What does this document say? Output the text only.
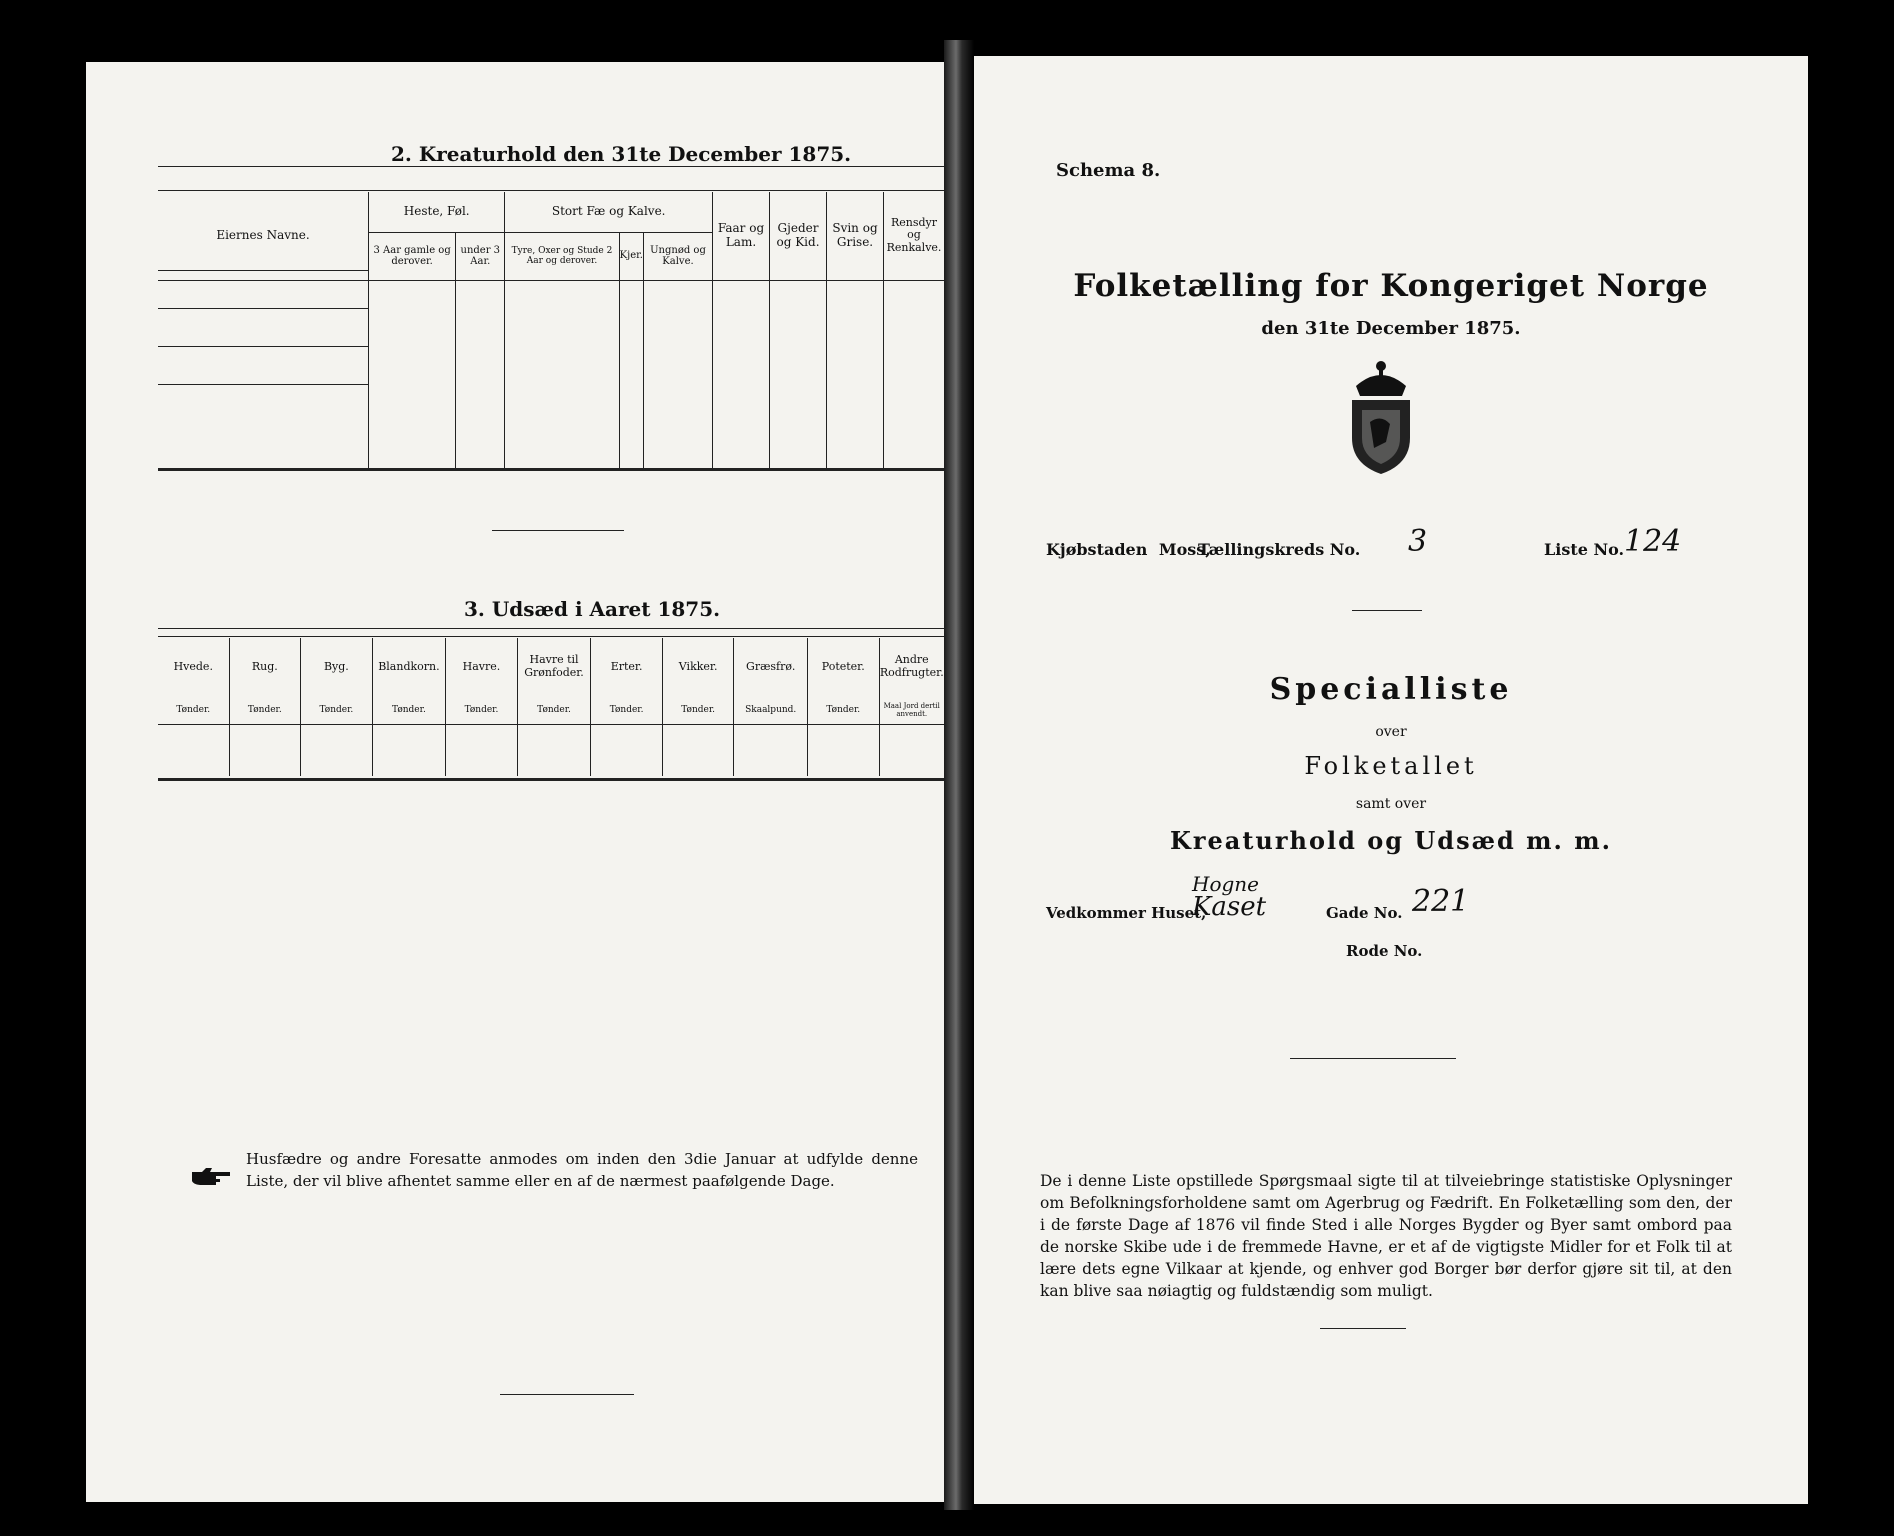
2. Kreaturhold den 31te December 1875.
Eiernes Navne.	Heste, Føl.		Stort Fæ og Kalve.			Faar og Lam.	Gjeder og Kid.	Svin og Grise.	Rensdyr og Renkalve.
	3 Aar gamle og derover.	under 3 Aar.	Tyre, Oxer og Stude 2 Aar og derover.	Kjer.	Ungnød og Kalve.				

3. Udsæd i Aaret 1875.
Hvede.	Rug.	Byg.	Blandkorn.	Havre.	Havre til Grønfoder.	Erter.	Vikker.	Græsfrø.	Poteter.	Andre Rodfrugter.
Tønder.	Tønder.	Tønder.	Tønder.	Tønder.	Tønder.	Tønder.	Tønder.	Skaalpund.	Tønder.	Maal Jord dertil anvendt.

Husfædre og andre Foresatte anmodes om inden den 3die Januar at udfylde denne Liste, der vil blive afhentet samme eller en af de nærmest paafølgende Dage.
Schema 8.
Folketælling for Kongeriget Norge
den 31te December 1875.
Kjøbstaden Moss,
Tællingskreds No. 3	Liste No. 124
Specialliste
over
Folketallet
samt over
Kreaturhold og Udsæd m. m.
Vedkommer Huset,
Hogne
Kaset	Gade No. 221
Rode No.
De i denne Liste opstillede Spørgsmaal sigte til at tilveiebringe statistiske Oplysninger om Befolkningsforholdene samt om Agerbrug og Fædrift. En Folketælling som den, der i de første Dage af 1876 vil finde Sted i alle Norges Bygder og Byer samt ombord paa de norske Skibe ude i de fremmede Havne, er et af de vigtigste Midler for et Folk til at lære dets egne Vilkaar at kjende, og enhver god Borger bør derfor gjøre sit til, at den kan blive saa nøiagtig og fuldstændig som muligt.
